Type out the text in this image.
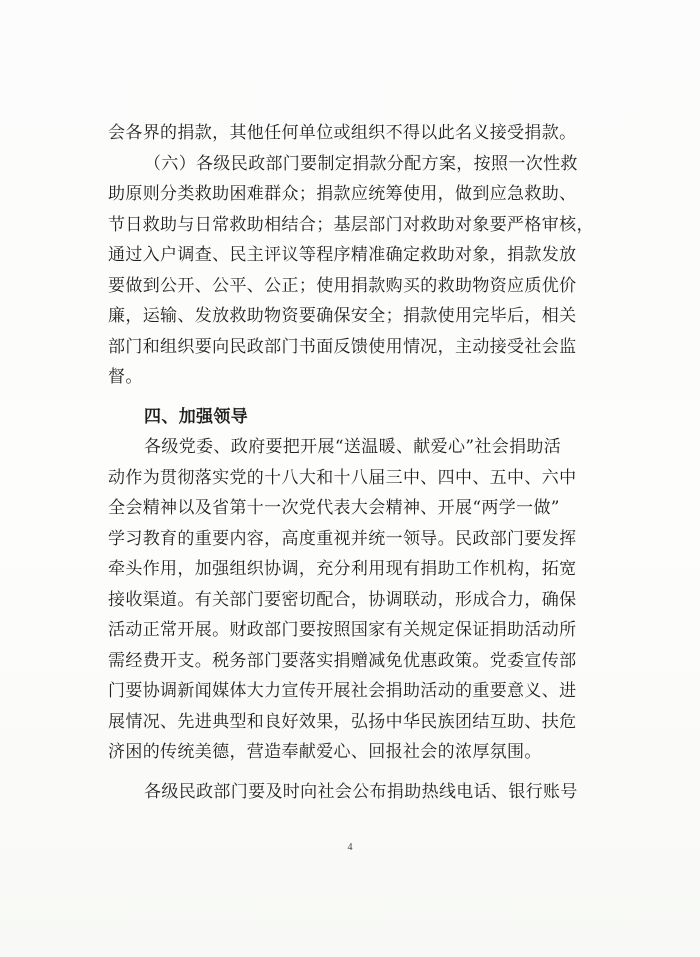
会各界的捐款，其他任何单位或组织不得以此名义接受捐款。
（六）各级民政部门要制定捐款分配方案，按照一次性救
助原则分类救助困难群众；捐款应统筹使用，做到应急救助、
节日救助与日常救助相结合；基层部门对救助对象要严格审核，
通过入户调查、民主评议等程序精准确定救助对象，捐款发放
要做到公开、公平、公正；使用捐款购买的救助物资应质优价
廉，运输、发放救助物资要确保安全；捐款使用完毕后，相关
部门和组织要向民政部门书面反馈使用情况，主动接受社会监
督。
四、加强领导
各级党委、政府要把开展“送温暖、献爱心”社会捐助活
动作为贯彻落实党的十八大和十八届三中、四中、五中、六中
全会精神以及省第十一次党代表大会精神、开展“两学一做”
学习教育的重要内容，高度重视并统一领导。民政部门要发挥
牵头作用，加强组织协调，充分利用现有捐助工作机构，拓宽
接收渠道。有关部门要密切配合，协调联动，形成合力，确保
活动正常开展。财政部门要按照国家有关规定保证捐助活动所
需经费开支。税务部门要落实捐赠减免优惠政策。党委宣传部
门要协调新闻媒体大力宣传开展社会捐助活动的重要意义、进
展情况、先进典型和良好效果，弘扬中华民族团结互助、扶危
济困的传统美德，营造奉献爱心、回报社会的浓厚氛围。
各级民政部门要及时向社会公布捐助热线电话、银行账号
4
